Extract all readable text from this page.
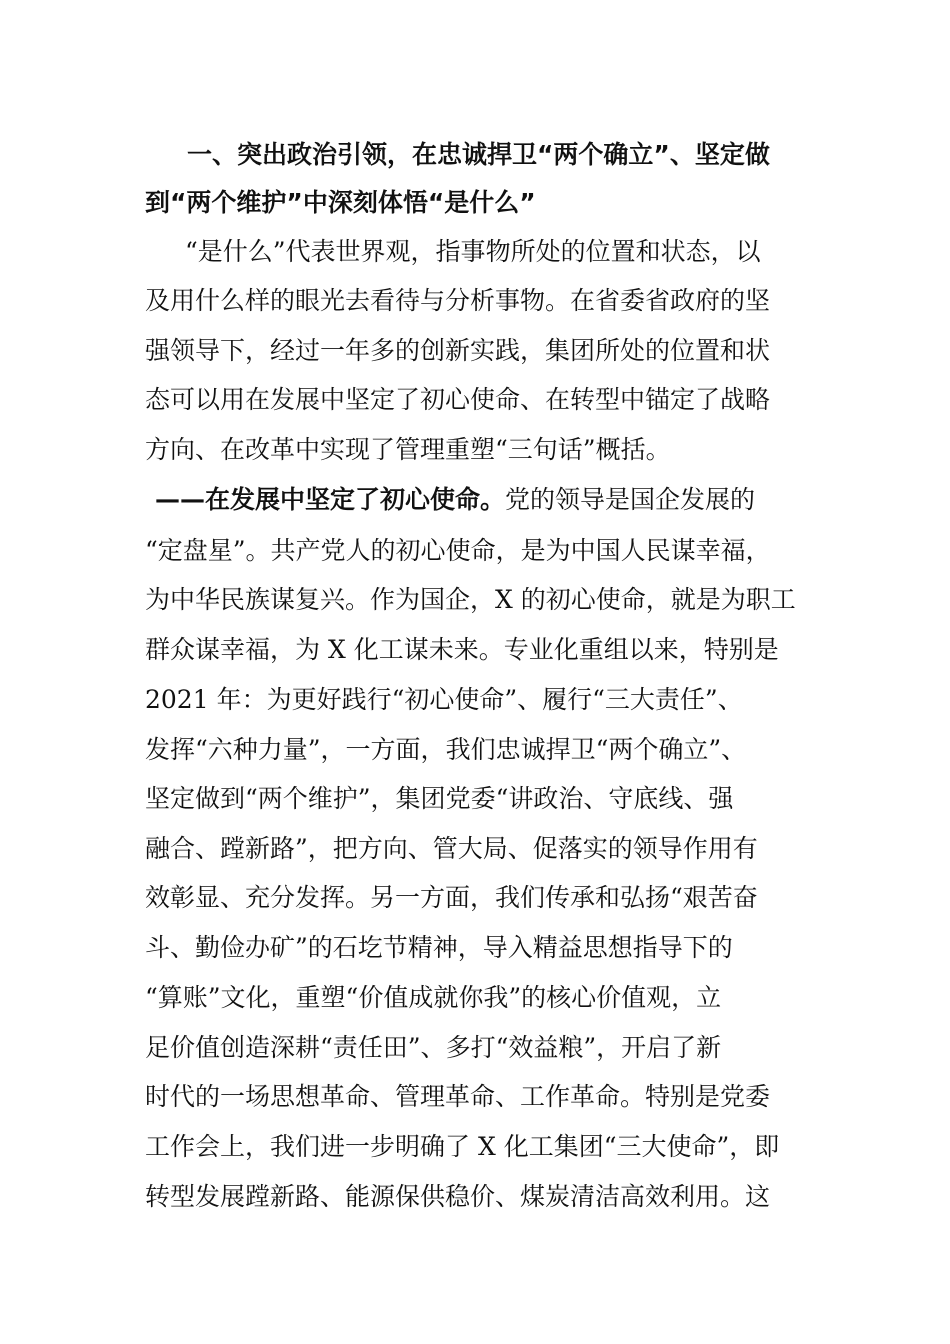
一、突出政治引领，在忠诚捍卫“两个确立”、坚定做
到“两个维护”中深刻体悟“是什么”
“是什么”代表世界观，指事物所处的位置和状态，以
及用什么样的眼光去看待与分析事物。在省委省政府的坚
强领导下，经过一年多的创新实践，集团所处的位置和状
态可以用在发展中坚定了初心使命、在转型中锚定了战略
方向、在改革中实现了管理重塑“三句话”概括。
——在发展中坚定了初心使命。党的领导是国企发展的
“定盘星”。共产党人的初心使命，是为中国人民谋幸福，
为中华民族谋复兴。作为国企，X 的初心使命，就是为职工
群众谋幸福，为 X 化工谋未来。专业化重组以来，特别是
2021 年：为更好践行“初心使命”、履行“三大责任”、
发挥“六种力量”，一方面，我们忠诚捍卫“两个确立”、
坚定做到“两个维护”，集团党委“讲政治、守底线、强
融合、蹚新路”，把方向、管大局、促落实的领导作用有
效彰显、充分发挥。另一方面，我们传承和弘扬“艰苦奋
斗、勤俭办矿”的石圪节精神，导入精益思想指导下的
“算账”文化，重塑“价值成就你我”的核心价值观，立
足价值创造深耕“责任田”、多打“效益粮”，开启了新
时代的一场思想革命、管理革命、工作革命。特别是党委
工作会上，我们进一步明确了 X 化工集团“三大使命”，即
转型发展蹚新路、能源保供稳价、煤炭清洁高效利用。这
